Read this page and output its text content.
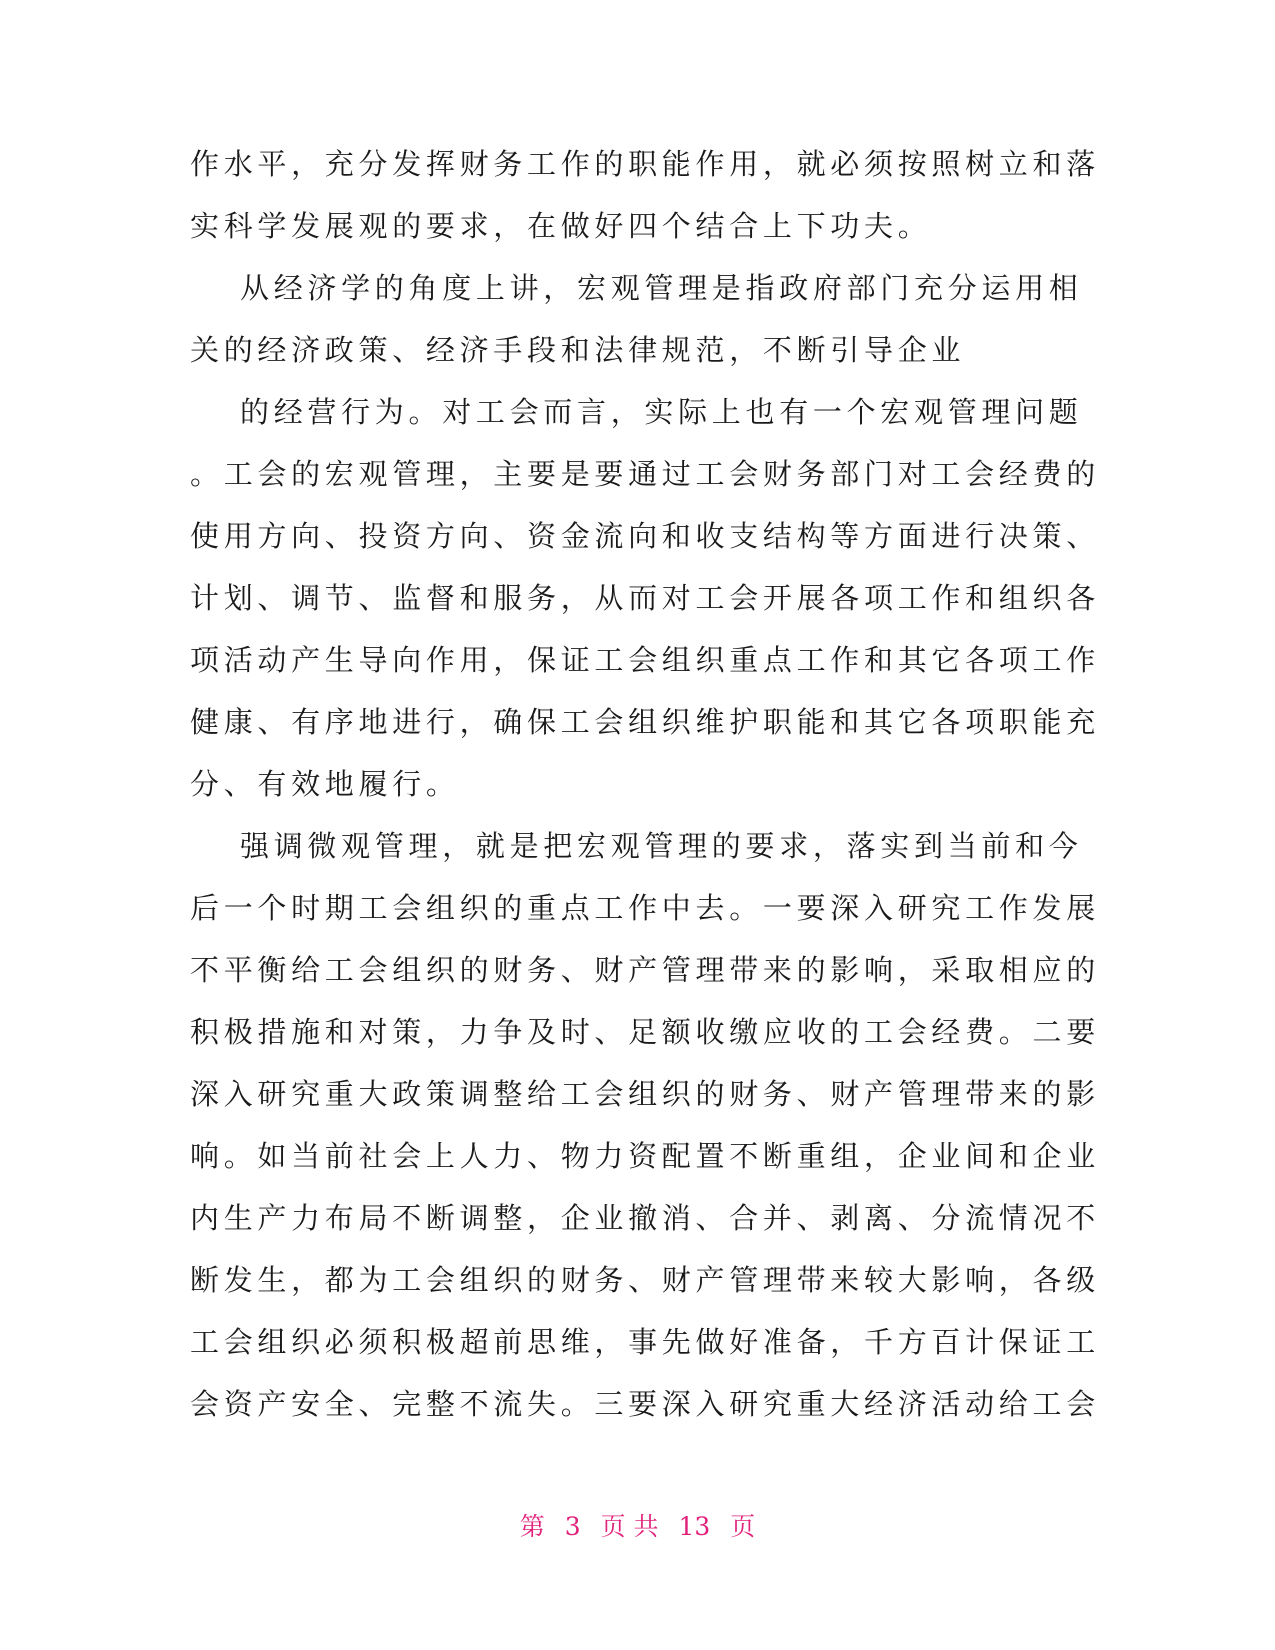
作水平，充分发挥财务工作的职能作用，就必须按照树立和落
实科学发展观的要求，在做好四个结合上下功夫。
从经济学的角度上讲，宏观管理是指政府部门充分运用相
关的经济政策、经济手段和法律规范，不断引导企业
的经营行为。对工会而言，实际上也有一个宏观管理问题
。工会的宏观管理，主要是要通过工会财务部门对工会经费的
使用方向、投资方向、资金流向和收支结构等方面进行决策、
计划、调节、监督和服务，从而对工会开展各项工作和组织各
项活动产生导向作用，保证工会组织重点工作和其它各项工作
健康、有序地进行，确保工会组织维护职能和其它各项职能充
分、有效地履行。
强调微观管理，就是把宏观管理的要求，落实到当前和今
后一个时期工会组织的重点工作中去。一要深入研究工作发展
不平衡给工会组织的财务、财产管理带来的影响，采取相应的
积极措施和对策，力争及时、足额收缴应收的工会经费。二要
深入研究重大政策调整给工会组织的财务、财产管理带来的影
响。如当前社会上人力、物力资配置不断重组，企业间和企业
内生产力布局不断调整，企业撤消、合并、剥离、分流情况不
断发生，都为工会组织的财务、财产管理带来较大影响，各级
工会组织必须积极超前思维，事先做好准备，千方百计保证工
会资产安全、完整不流失。三要深入研究重大经济活动给工会
第 3 页 共 13 页
